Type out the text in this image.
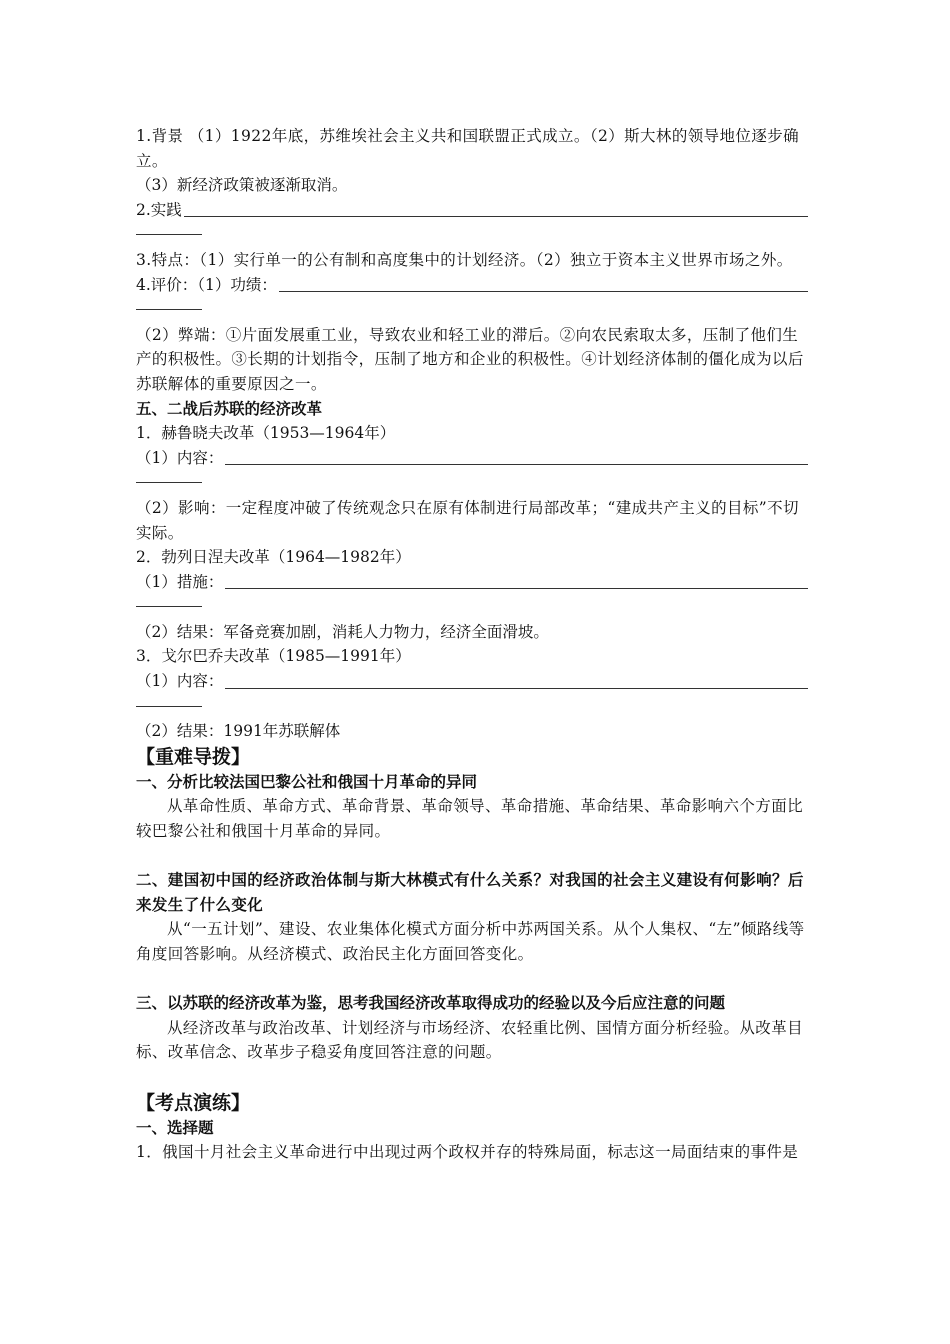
1.背景 （1）1922年底，苏维埃社会主义共和国联盟正式成立。（2）斯大林的领导地位逐步确立。
（3）新经济政策被逐渐取消。
2.实践
3.特点：（1）实行单一的公有制和高度集中的计划经济。（2）独立于资本主义世界市场之外。
4.评价：（1）功绩：
（2）弊端：①片面发展重工业，导致农业和轻工业的滞后。②向农民索取太多，压制了他们生产的积极性。③长期的计划指令，压制了地方和企业的积极性。④计划经济体制的僵化成为以后苏联解体的重要原因之一。
五、二战后苏联的经济改革
1．赫鲁晓夫改革（1953—1964年）
（1）内容：
（2）影响：一定程度冲破了传统观念只在原有体制进行局部改革；“建成共产主义的目标”不切实际。
2．勃列日涅夫改革（1964—1982年）
（1）措施：
（2）结果：军备竞赛加剧，消耗人力物力，经济全面滑坡。
3．戈尔巴乔夫改革（1985—1991年）
（1）内容：
（2）结果：1991年苏联解体
【重难导拨】
一、分析比较法国巴黎公社和俄国十月革命的异同
从革命性质、革命方式、革命背景、革命领导、革命措施、革命结果、革命影响六个方面比较巴黎公社和俄国十月革命的异同。
二、建国初中国的经济政治体制与斯大林模式有什么关系？对我国的社会主义建设有何影响？后来发生了什么变化
从“一五计划”、建设、农业集体化模式方面分析中苏两国关系。从个人集权、“左”倾路线等角度回答影响。从经济模式、政治民主化方面回答变化。
三、以苏联的经济改革为鉴，思考我国经济改革取得成功的经验以及今后应注意的问题
从经济改革与政治改革、计划经济与市场经济、农轻重比例、国情方面分析经验。从改革目标、改革信念、改革步子稳妥角度回答注意的问题。
【考点演练】
一、选择题
1．俄国十月社会主义革命进行中出现过两个政权并存的特殊局面，标志这一局面结束的事件是
